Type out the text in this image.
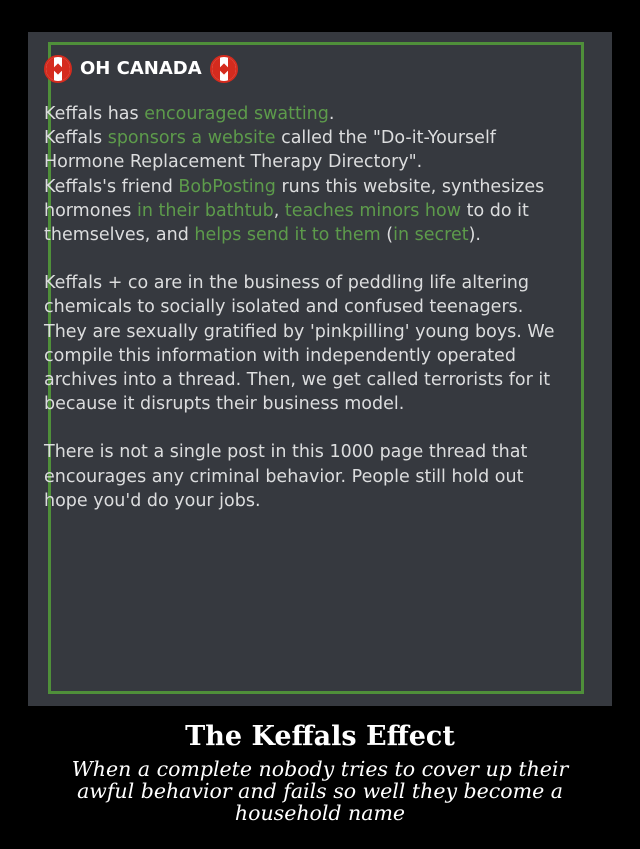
OH CANADA

Keffals has encouraged swatting.
Keffals sponsors a website called the "Do-it-Yourself Hormone Replacement Therapy Directory".
Keffals's friend BobPosting runs this website, synthesizes hormones in their bathtub, teaches minors how to do it themselves, and helps send it to them (in secret).

Keffals + co are in the business of peddling life altering chemicals to socially isolated and confused teenagers. They are sexually gratified by 'pinkpilling' young boys. We compile this information with independently operated archives into a thread. Then, we get called terrorists for it because it disrupts their business model.

There is not a single post in this 1000 page thread that encourages any criminal behavior. People still hold out hope you'd do your jobs.

The Keffals Effect
When a complete nobody tries to cover up their awful behavior and fails so well they become a household name
